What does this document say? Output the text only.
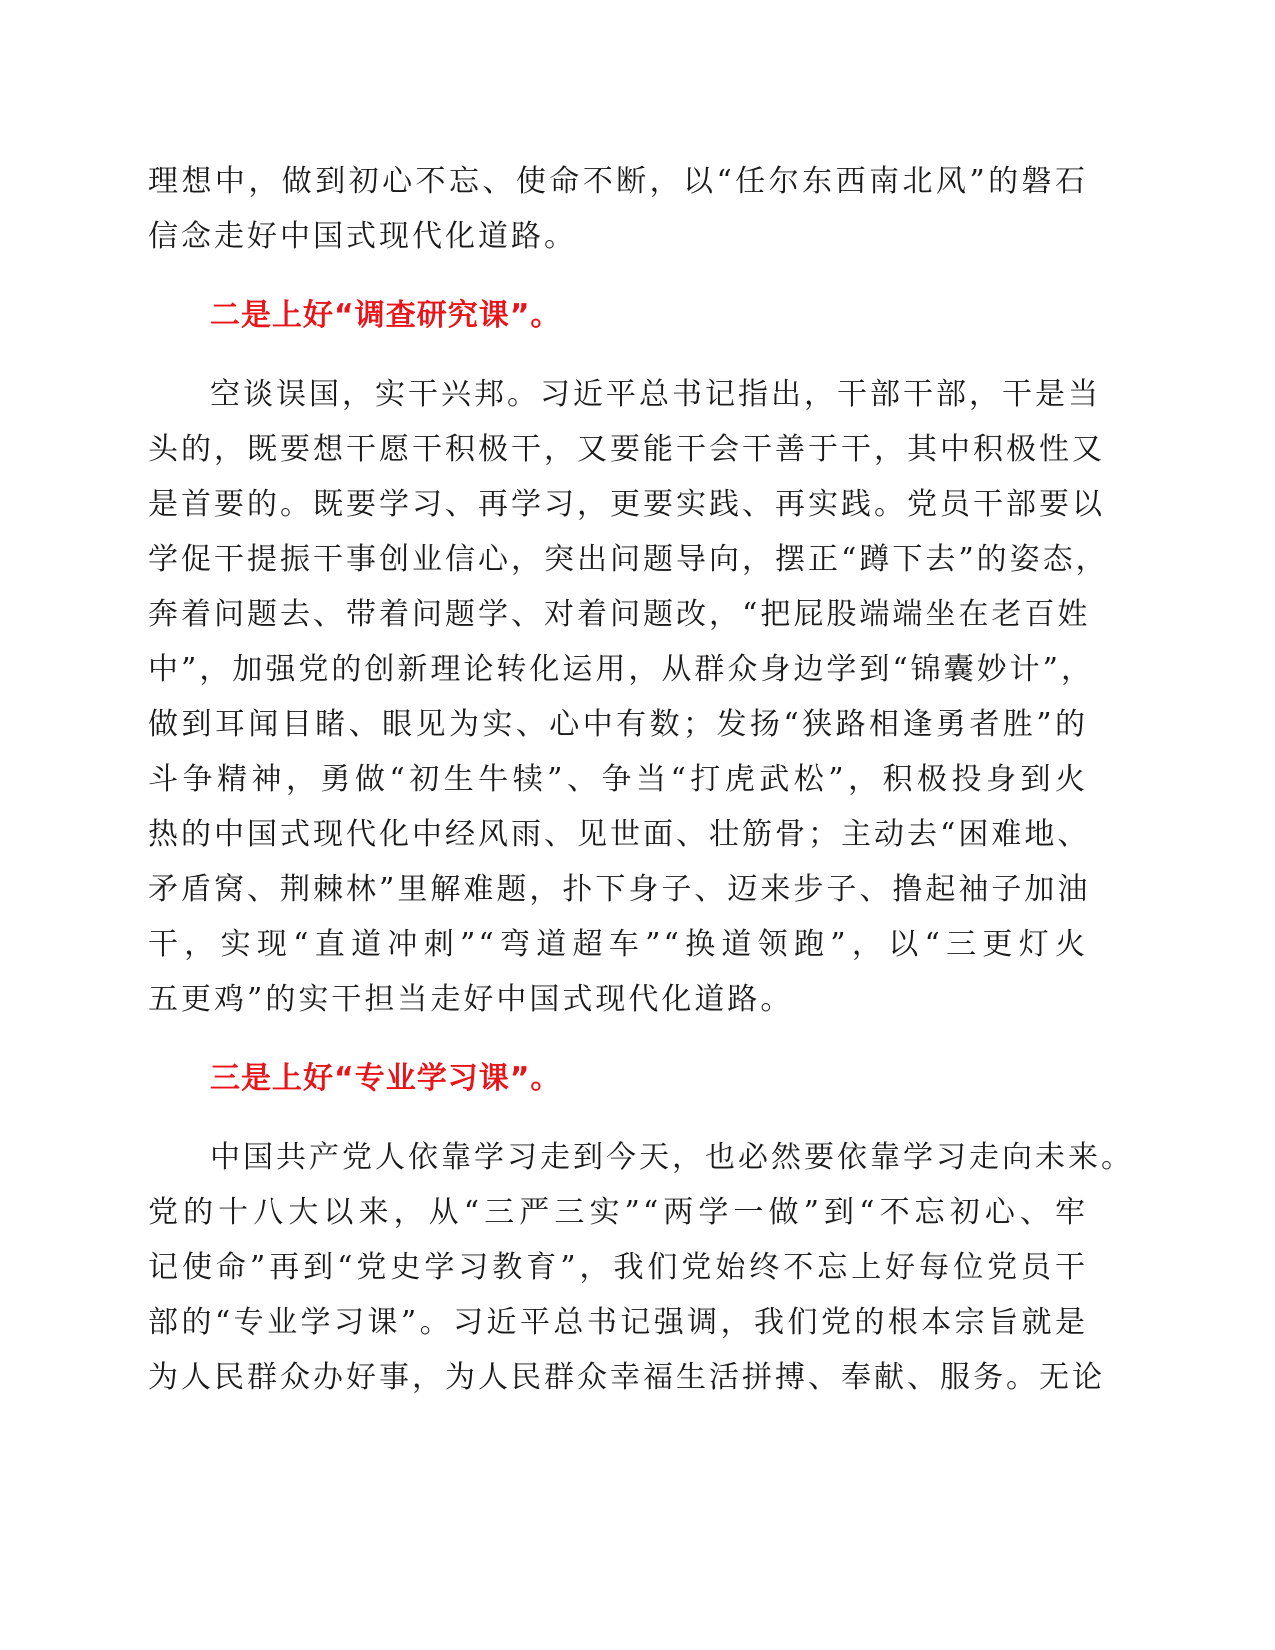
理想中，做到初心不忘、使命不断，以“任尔东西南北风”的磐石
信念走好中国式现代化道路。
二是上好“调查研究课”。
空谈误国，实干兴邦。习近平总书记指出，干部干部，干是当
头的，既要想干愿干积极干，又要能干会干善于干，其中积极性又
是首要的。既要学习、再学习，更要实践、再实践。党员干部要以
学促干提振干事创业信心，突出问题导向，摆正“蹲下去”的姿态，
奔着问题去、带着问题学、对着问题改，“把屁股端端坐在老百姓
中”，加强党的创新理论转化运用，从群众身边学到“锦囊妙计”，
做到耳闻目睹、眼见为实、心中有数；发扬“狭路相逢勇者胜”的
斗争精神，勇做“初生牛犊”、争当“打虎武松”，积极投身到火
热的中国式现代化中经风雨、见世面、壮筋骨；主动去“困难地、
矛盾窝、荆棘林”里解难题，扑下身子、迈来步子、撸起袖子加油
干，实现“直道冲刺”“弯道超车”“换道领跑”，以“三更灯火
五更鸡”的实干担当走好中国式现代化道路。
三是上好“专业学习课”。
中国共产党人依靠学习走到今天，也必然要依靠学习走向未来。
党的十八大以来，从“三严三实”“两学一做”到“不忘初心、牢
记使命”再到“党史学习教育”，我们党始终不忘上好每位党员干
部的“专业学习课”。习近平总书记强调，我们党的根本宗旨就是
为人民群众办好事，为人民群众幸福生活拼搏、奉献、服务。无论
